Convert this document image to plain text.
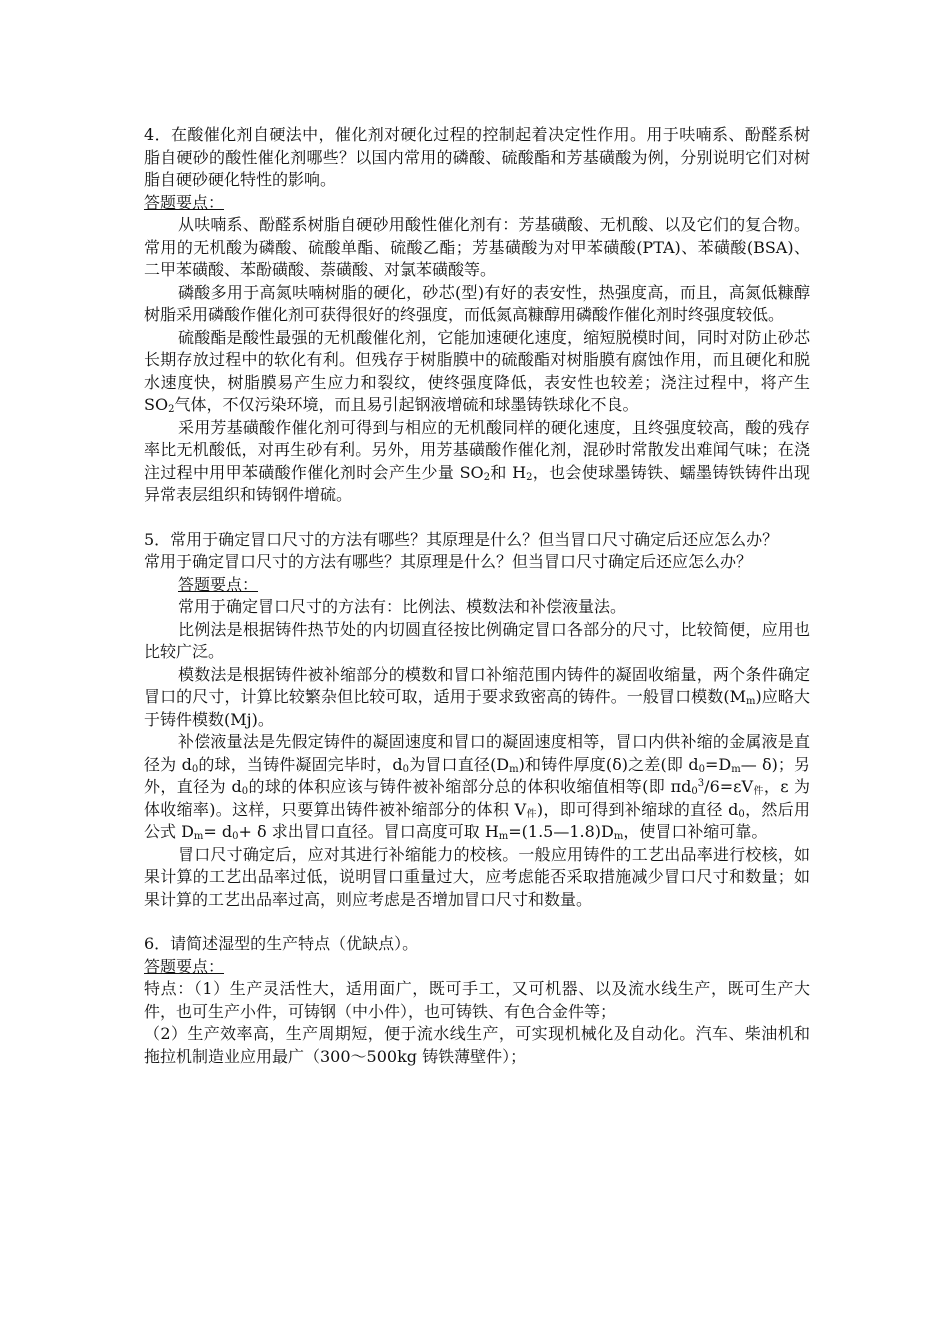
4．在酸催化剂自硬法中，催化剂对硬化过程的控制起着决定性作用。用于呋喃系、酚醛系树脂自硬砂的酸性催化剂哪些？以国内常用的磷酸、硫酸酯和芳基磺酸为例，分别说明它们对树脂自硬砂硬化特性的影响。

答题要点：

从呋喃系、酚醛系树脂自硬砂用酸性催化剂有：芳基磺酸、无机酸、以及它们的复合物。常用的无机酸为磷酸、硫酸单酯、硫酸乙酯；芳基磺酸为对甲苯磺酸(PTA)、苯磺酸(BSA)、二甲苯磺酸、苯酚磺酸、萘磺酸、对氯苯磺酸等。

磷酸多用于高氮呋喃树脂的硬化，砂芯(型)有好的表安性，热强度高，而且，高氮低糠醇树脂采用磷酸作催化剂可获得很好的终强度，而低氮高糠醇用磷酸作催化剂时终强度较低。

硫酸酯是酸性最强的无机酸催化剂，它能加速硬化速度，缩短脱模时间，同时对防止砂芯长期存放过程中的软化有利。但残存于树脂膜中的硫酸酯对树脂膜有腐蚀作用，而且硬化和脱水速度快，树脂膜易产生应力和裂纹，使终强度降低，表安性也较差；浇注过程中，将产生$SO_2$气体，不仅污染环境，而且易引起钢液增硫和球墨铸铁球化不良。

采用芳基磺酸作催化剂可得到与相应的无机酸同样的硬化速度，且终强度较高，酸的残存率比无机酸低，对再生砂有利。另外，用芳基磺酸作催化剂，混砂时常散发出难闻气味；在浇注过程中用甲苯磺酸作催化剂时会产生少量 $SO_2$和 $H_2$，也会使球墨铸铁、蠕墨铸铁铸件出现异常表层组织和铸钢件增硫。

5．常用于确定冒口尺寸的方法有哪些？其原理是什么？但当冒口尺寸确定后还应怎么办？

常用于确定冒口尺寸的方法有哪些？其原理是什么？但当冒口尺寸确定后还应怎么办？

答题要点：

常用于确定冒口尺寸的方法有：比例法、模数法和补偿液量法。

比例法是根据铸件热节处的内切圆直径按比例确定冒口各部分的尺寸，比较简便，应用也比较广泛。

模数法是根据铸件被补缩部分的模数和冒口补缩范围内铸件的凝固收缩量，两个条件确定冒口的尺寸，计算比较繁杂但比较可取，适用于要求致密高的铸件。一般冒口模数$(M_m)$应略大于铸件模数(Mj)。

补偿液量法是先假定铸件的凝固速度和冒口的凝固速度相等，冒口内供补缩的金属液是直径为 $d_0$的球，当铸件凝固完毕时，$d_0$为冒口直径$(D_m)$和铸件厚度(δ)之差(即 $d_0=D_m—$ δ)；另外，直径为 $d_0$的球的体积应该与铸件被补缩部分总的体积收缩值相等(即 $\pi d_0^3/6=\varepsilon V_件$，ε 为体收缩率)。这样，只要算出铸件被补缩部分的体积 $V_件$)，即可得到补缩球的直径 $d_0$，然后用公式 $D_m= d_0+ \delta$ 求出冒口直径。冒口高度可取 $H_m=(1.5—1.8)D_m$，使冒口补缩可靠。

冒口尺寸确定后，应对其进行补缩能力的校核。一般应用铸件的工艺出品率进行校核，如果计算的工艺出品率过低，说明冒口重量过大，应考虑能否采取措施减少冒口尺寸和数量；如果计算的工艺出品率过高，则应考虑是否增加冒口尺寸和数量。

6．请简述湿型的生产特点（优缺点）。

答题要点：

特点：（1）生产灵活性大，适用面广，既可手工，又可机器、以及流水线生产，既可生产大件，也可生产小件，可铸钢（中小件），也可铸铁、有色合金件等；

（2）生产效率高，生产周期短，便于流水线生产，可实现机械化及自动化。汽车、柴油机和拖拉机制造业应用最广（300～500kg 铸铁薄壁件）；
